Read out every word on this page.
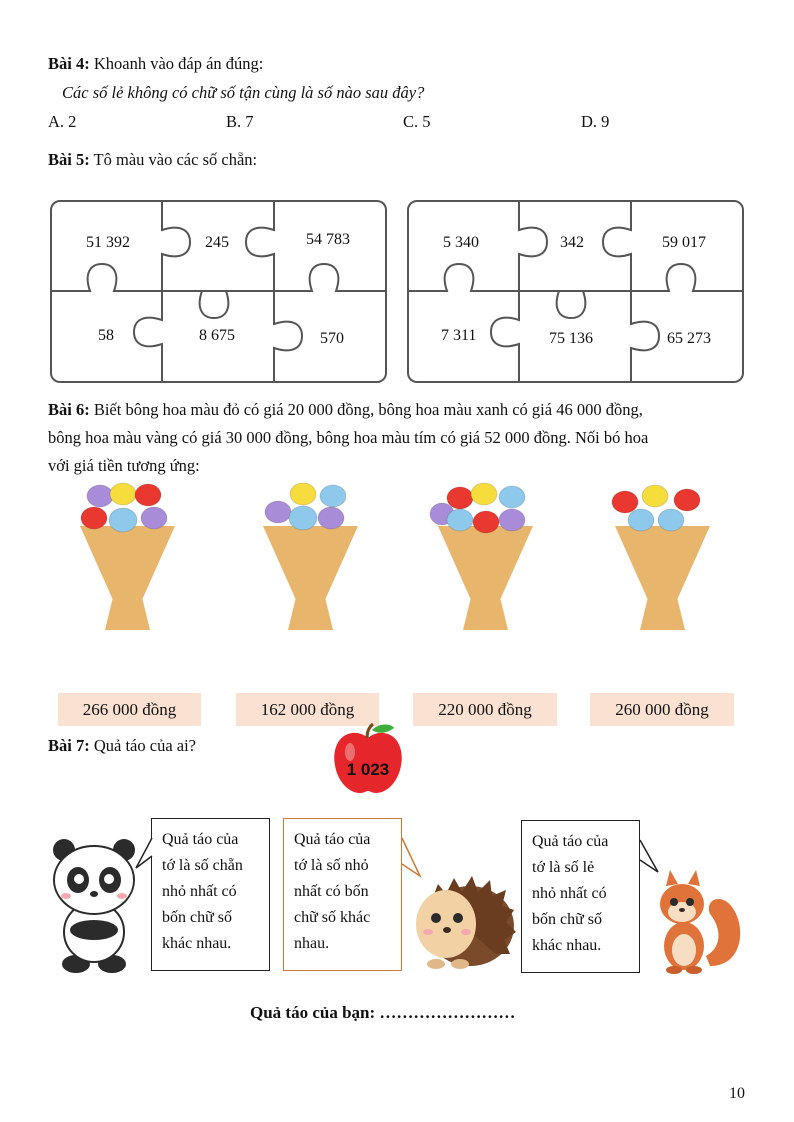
Bài 4: Khoanh vào đáp án đúng:
Các số lẻ không có chữ số tận cùng là số nào sau đây?
A. 2	B. 7	C. 5	D. 9
Bài 5: Tô màu vào các số chẵn:
51 392	245	54 783
58	8 675	570
5 340	342	59 017
7 311	75 136	65 273
Bài 6: Biết bông hoa màu đỏ có giá 20 000 đồng, bông hoa màu xanh có giá 46 000 đồng,
bông hoa màu vàng có giá 30 000 đồng, bông hoa màu tím có giá 52 000 đồng. Nối bó hoa
với giá tiền tương ứng:
266 000 đồng	162 000 đồng	220 000 đồng	260 000 đồng
Bài 7: Quả táo của ai?
1 023
Quả táo của
tớ là số chẵn
nhỏ nhất có
bốn chữ số
khác nhau.
Quả táo của
tớ là số nhỏ
nhất có bốn
chữ số khác
nhau.
Quả táo của
tớ là số lẻ
nhỏ nhất có
bốn chữ số
khác nhau.
Quả táo của bạn: ……………………
10
